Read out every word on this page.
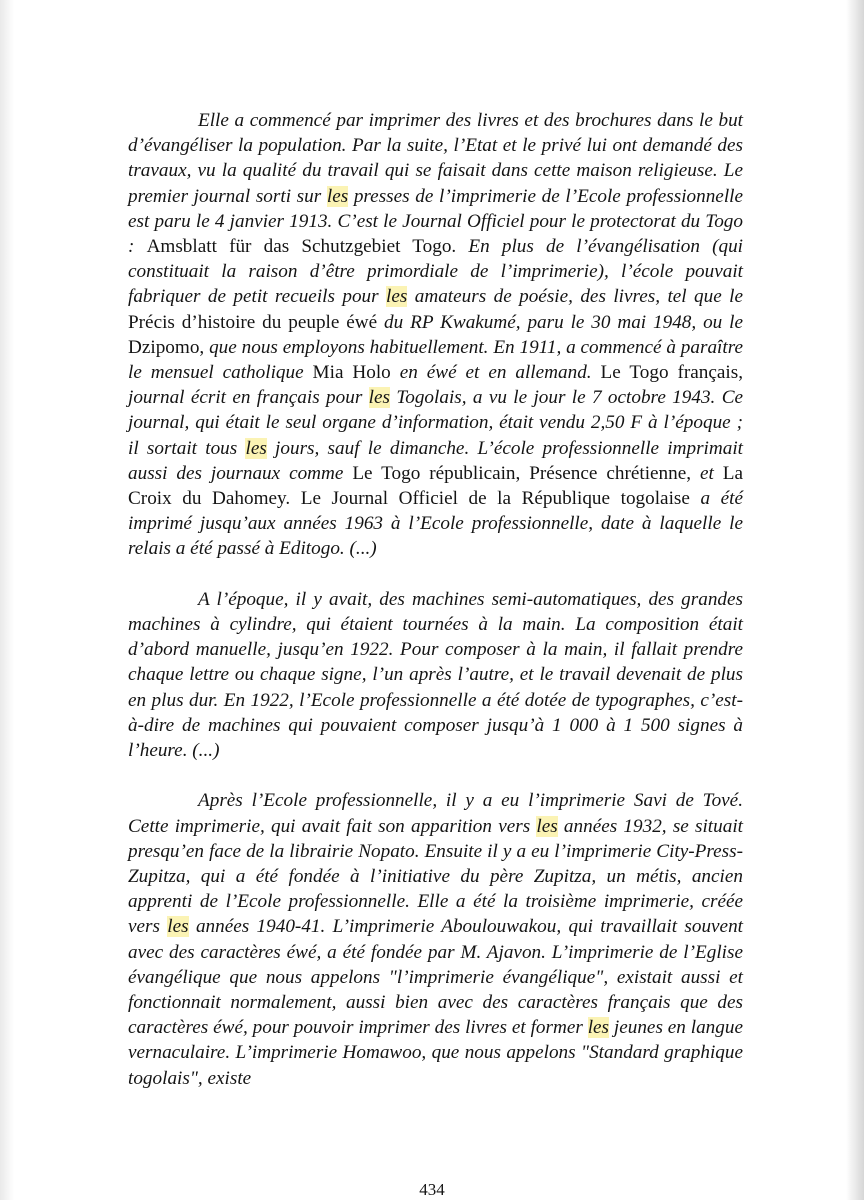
Elle a commencé par imprimer des livres et des brochures dans le but d’évangéliser la population. Par la suite, l’Etat et le privé lui ont demandé des travaux, vu la qualité du travail qui se faisait dans cette maison religieuse. Le premier journal sorti sur les presses de l’imprimerie de l’Ecole professionnelle est paru le 4 janvier 1913. C’est le Journal Officiel pour le protectorat du Togo : Amsblatt für das Schutzgebiet Togo. En plus de l’évangélisation (qui constituait la raison d’être primordiale de l’imprimerie), l’école pouvait fabriquer de petit recueils pour les amateurs de poésie, des livres, tel que le Précis d’histoire du peuple éwé du RP Kwakumé, paru le 30 mai 1948, ou le Dzipomo, que nous employons habituellement. En 1911, a commencé à paraître le mensuel catholique Mia Holo en éwé et en allemand. Le Togo français, journal écrit en français pour les Togolais, a vu le jour le 7 octobre 1943. Ce journal, qui était le seul organe d’information, était vendu 2,50 F à l’époque ; il sortait tous les jours, sauf le dimanche. L’école professionnelle imprimait aussi des journaux comme Le Togo républicain, Présence chrétienne, et La Croix du Dahomey. Le Journal Officiel de la République togolaise a été imprimé jusqu’aux années 1963 à l’Ecole professionnelle, date à laquelle le relais a été passé à Editogo. (...)

A l’époque, il y avait, des machines semi-automatiques, des grandes machines à cylindre, qui étaient tournées à la main. La composition était d’abord manuelle, jusqu’en 1922. Pour composer à la main, il fallait prendre chaque lettre ou chaque signe, l’un après l’autre, et le travail devenait de plus en plus dur. En 1922, l’Ecole professionnelle a été dotée de typographes, c’est-à-dire de machines qui pouvaient composer jusqu’à 1 000 à 1 500 signes à l’heure. (...)

Après l’Ecole professionnelle, il y a eu l’imprimerie Savi de Tové. Cette imprimerie, qui avait fait son apparition vers les années 1932, se situait presqu’en face de la librairie Nopato. Ensuite il y a eu l’imprimerie City-Press-Zupitza, qui a été fondée à l’initiative du père Zupitza, un métis, ancien apprenti de l’Ecole professionnelle. Elle a été la troisième imprimerie, créée vers les années 1940-41. L’imprimerie Aboulouwakou, qui travaillait souvent avec des caractères éwé, a été fondée par M. Ajavon. L’imprimerie de l’Eglise évangélique que nous appelons "l’imprimerie évangélique", existait aussi et fonctionnait normalement, aussi bien avec des caractères français que des caractères éwé, pour pouvoir imprimer des livres et former les jeunes en langue vernaculaire. L’imprimerie Homawoo, que nous appelons "Standard graphique togolais", existe

434
